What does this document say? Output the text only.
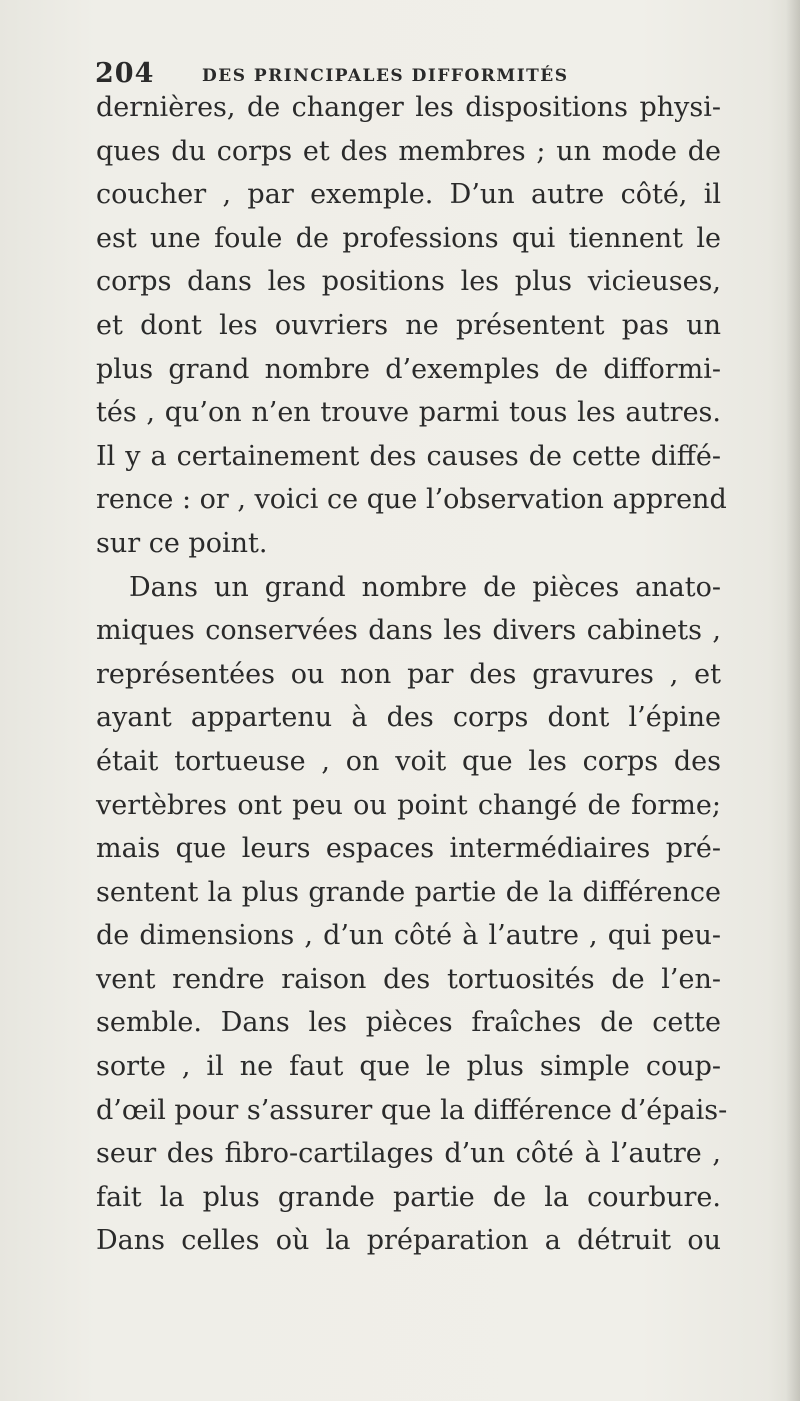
204	DES PRINCIPALES DIFFORMITÉS
dernières, de changer les dispositions physi-
ques du corps et des membres ; un mode de
coucher , par exemple. D’un autre côté, il
est une foule de professions qui tiennent le
corps dans les positions les plus vicieuses,
et dont les ouvriers ne présentent pas un
plus grand nombre d’exemples de difformi-
tés , qu’on n’en trouve parmi tous les autres.
Il y a certainement des causes de cette diffé-
rence : or , voici ce que l’observation apprend
sur ce point.
Dans un grand nombre de pièces anato-
miques conservées dans les divers cabinets ,
représentées ou non par des gravures , et
ayant appartenu à des corps dont l’épine
était tortueuse , on voit que les corps des
vertèbres ont peu ou point changé de forme;
mais que leurs espaces intermédiaires pré-
sentent la plus grande partie de la différence
de dimensions , d’un côté à l’autre , qui peu-
vent rendre raison des tortuosités de l’en-
semble. Dans les pièces fraîches de cette
sorte , il ne faut que le plus simple coup-
d’œil pour s’assurer que la différence d’épais-
seur des fibro-cartilages d’un côté à l’autre ,
fait la plus grande partie de la courbure.
Dans celles où la préparation a détruit ou
